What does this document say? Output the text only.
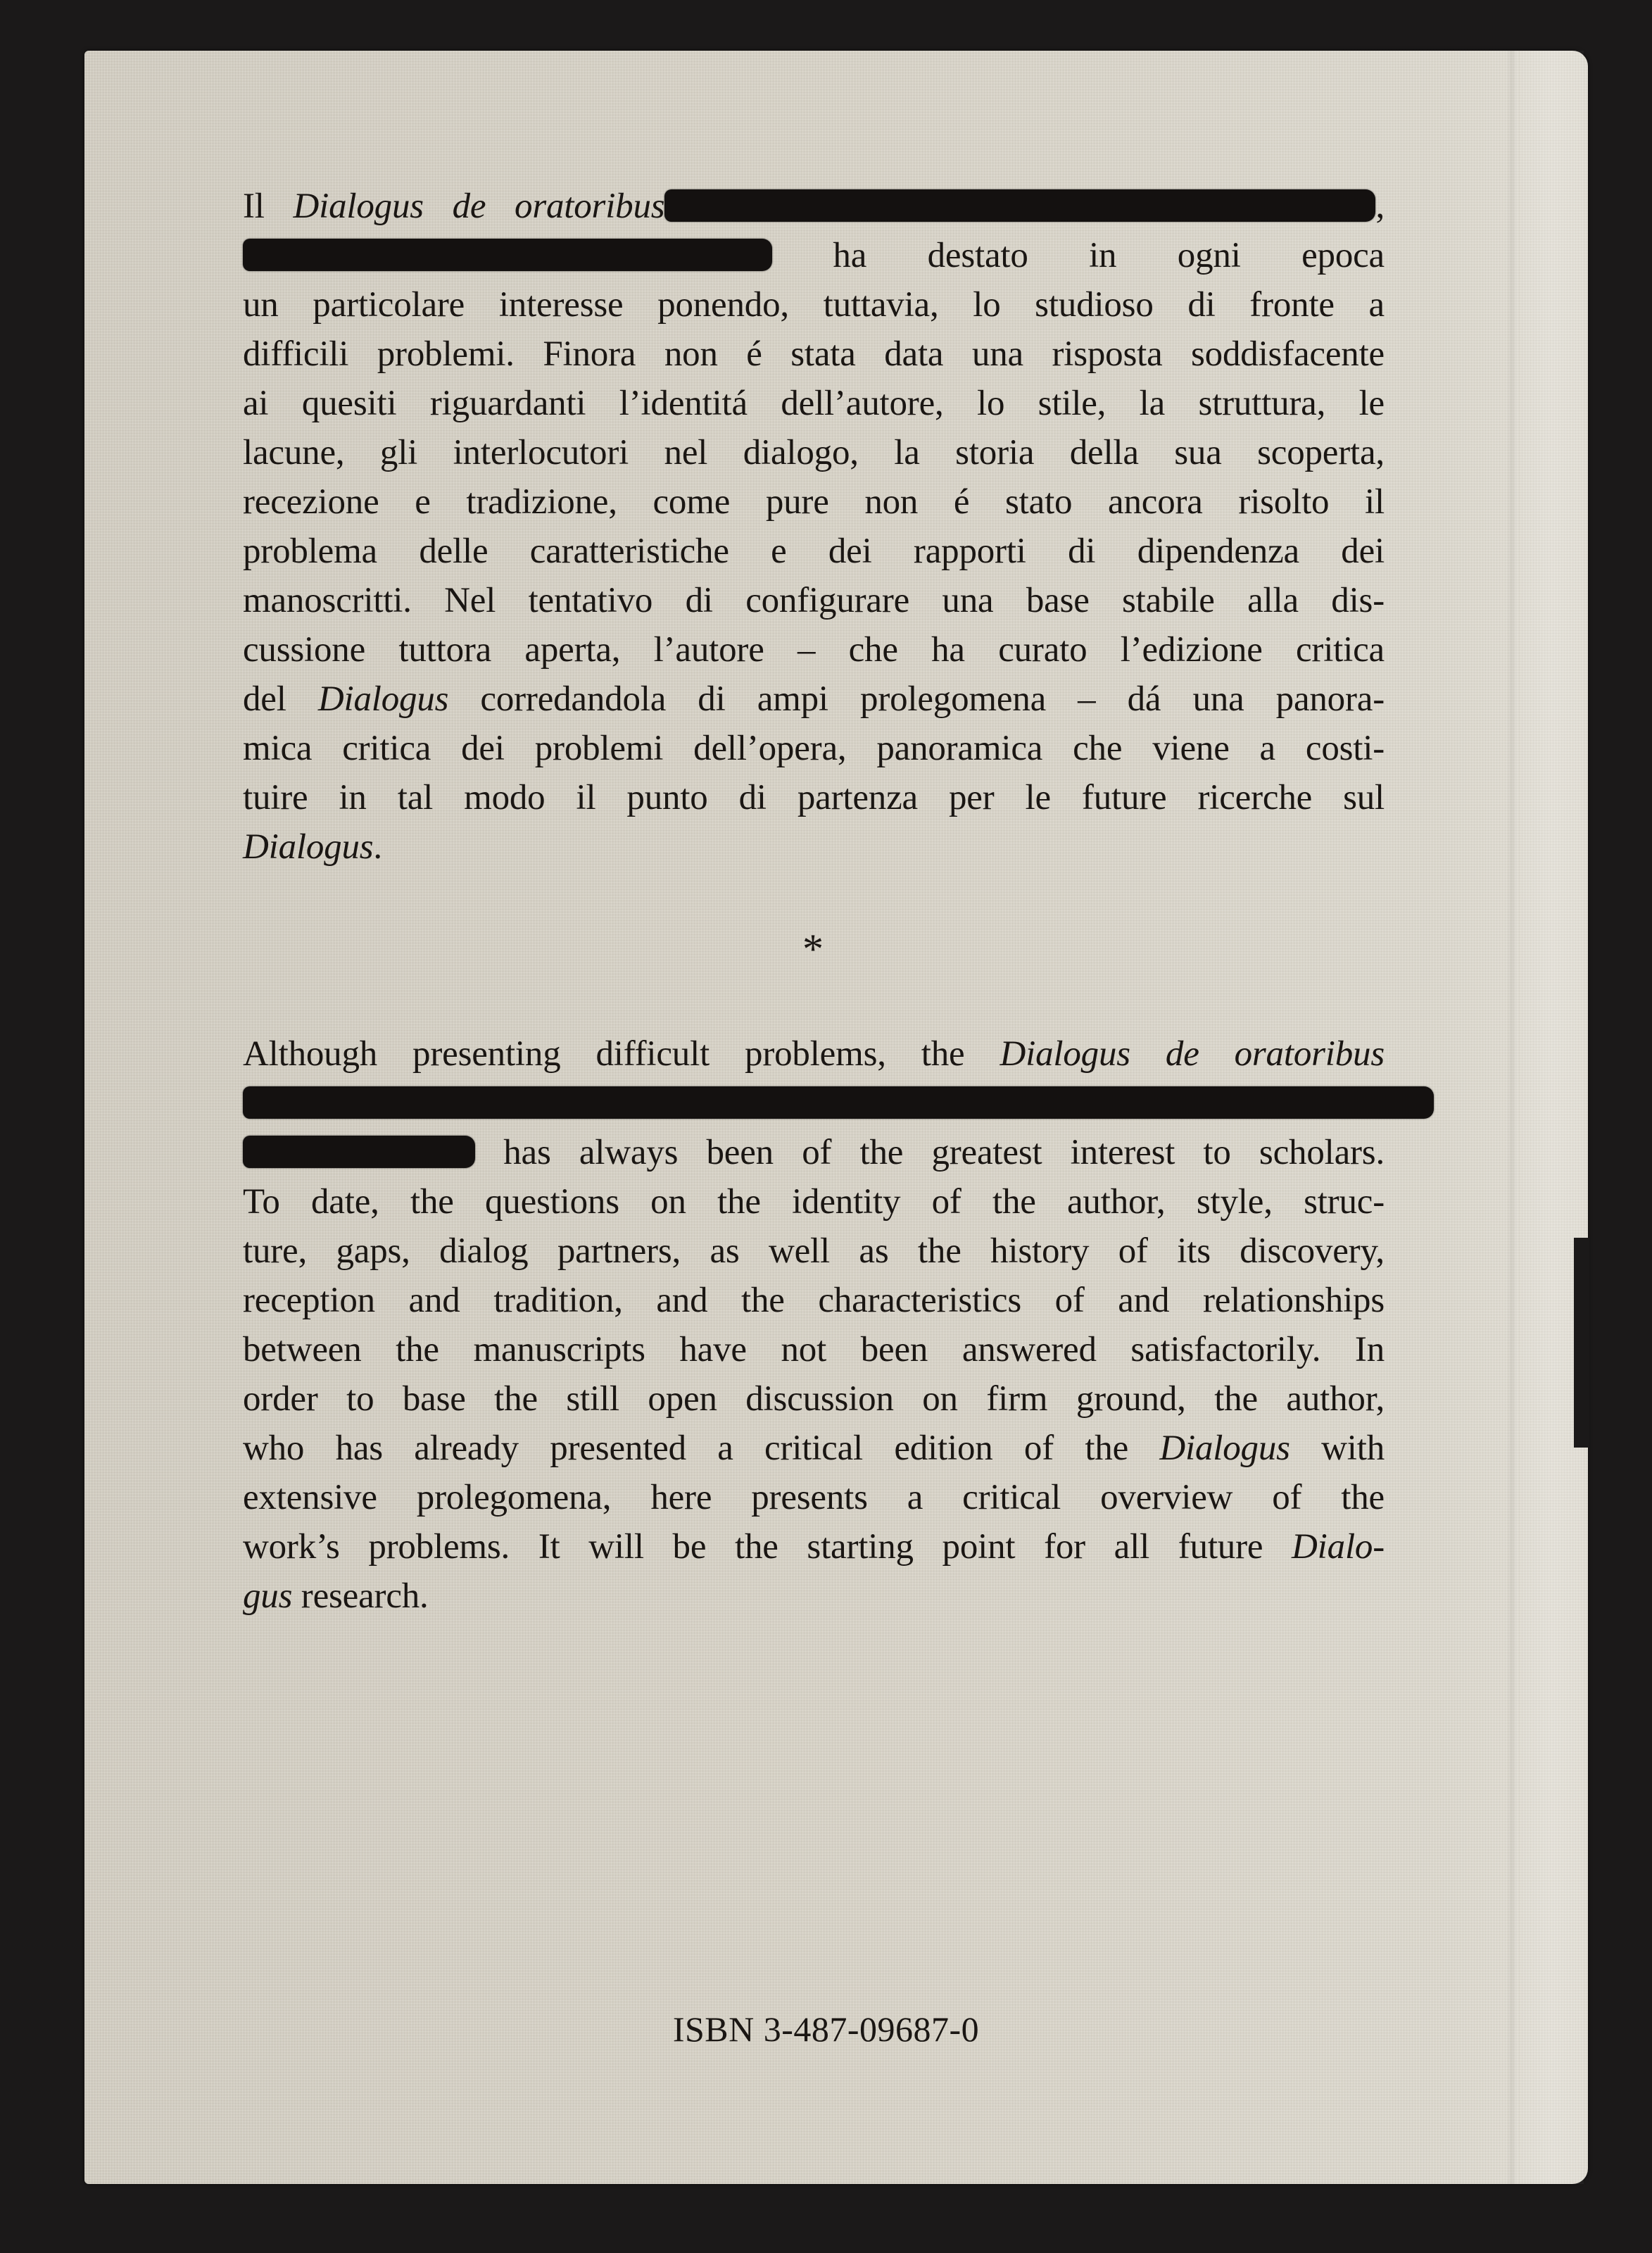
Il Dialogus de oratoribus	,
ha destato in ogni epoca
un particolare interesse ponendo, tuttavia, lo studioso di fronte a
difficili problemi. Finora non é stata data una risposta soddisfacente
ai quesiti riguardanti l’identitá dell’autore, lo stile, la struttura, le
lacune, gli interlocutori nel dialogo, la storia della sua scoperta,
recezione e tradizione, come pure non é stato ancora risolto il
problema delle caratteristiche e dei rapporti di dipendenza dei
manoscritti. Nel tentativo di configurare una base stabile alla dis-
cussione tuttora aperta, l’autore – che ha curato l’edizione critica
del Dialogus corredandola di ampi prolegomena – dá una panora-
mica critica dei problemi dell’opera, panoramica che viene a costi-
tuire in tal modo il punto di partenza per le future ricerche sul
Dialogus.
*
Although presenting difficult problems, the Dialogus de oratoribus
has always been of the greatest interest to scholars.
To date, the questions on the identity of the author, style, struc-
ture, gaps, dialog partners, as well as the history of its discovery,
reception and tradition, and the characteristics of and relationships
between the manuscripts have not been answered satisfactorily. In
order to base the still open discussion on firm ground, the author,
who has already presented a critical edition of the Dialogus with
extensive prolegomena, here presents a critical overview of the
work’s problems. It will be the starting point for all future Dialo-
gus research.
ISBN 3-487-09687-0
